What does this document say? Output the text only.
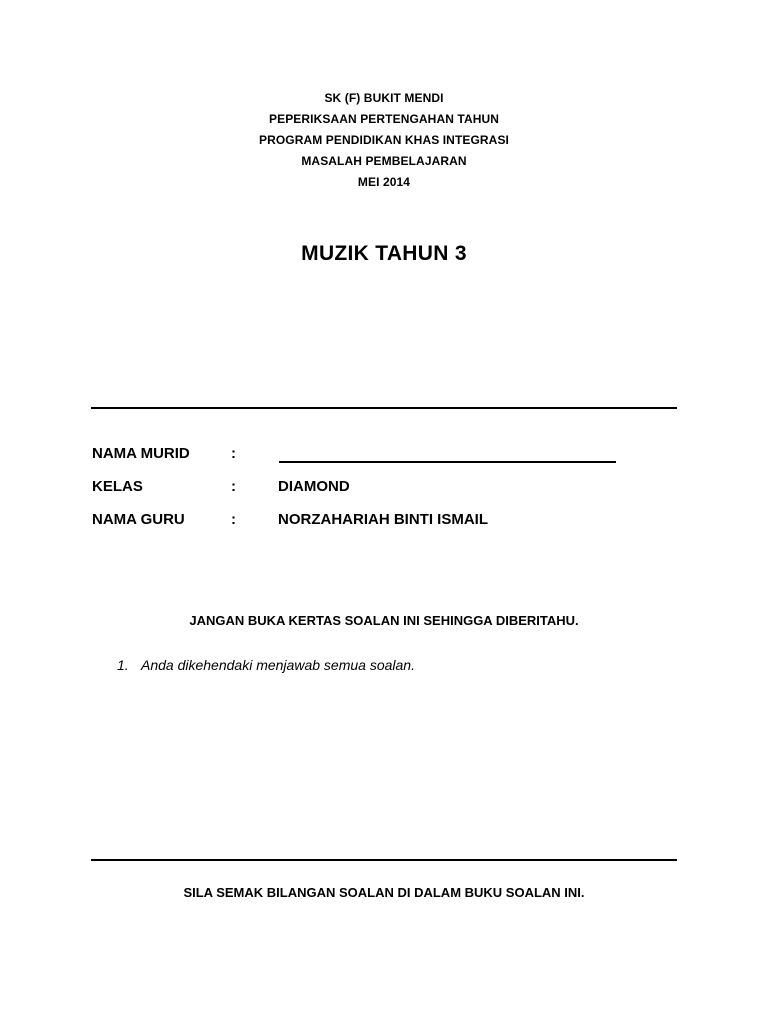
SK (F) BUKIT MENDI
PEPERIKSAAN PERTENGAHAN TAHUN
PROGRAM PENDIDIKAN KHAS INTEGRASI
MASALAH PEMBELAJARAN
MEI 2014
MUZIK TAHUN 3
NAMA MURID	:
KELAS	:	DIAMOND
NAMA GURU	:	NORZAHARIAH BINTI ISMAIL
JANGAN BUKA KERTAS SOALAN INI SEHINGGA DIBERITAHU.
1. Anda dikehendaki menjawab semua soalan.
SILA SEMAK BILANGAN SOALAN DI DALAM BUKU SOALAN INI.
